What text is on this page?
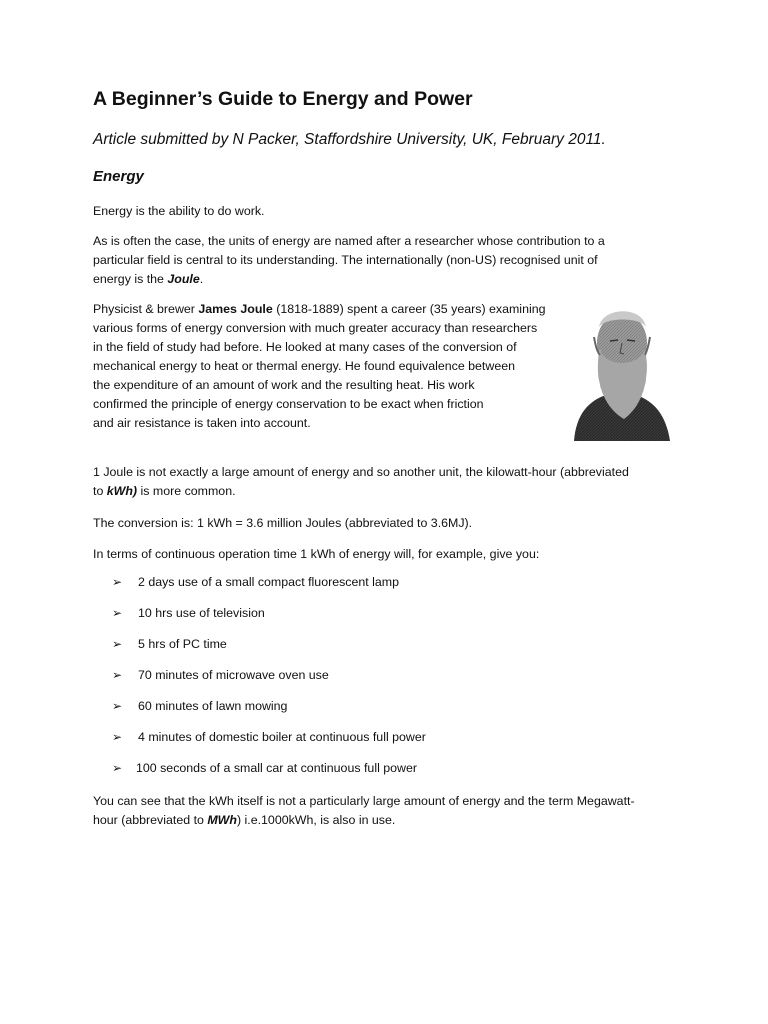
A Beginner’s Guide to Energy and Power

Article submitted by N Packer, Staffordshire University, UK, February 2011.

Energy

Energy is the ability to do work.

As is often the case, the units of energy are named after a researcher whose contribution to a
particular field is central to its understanding. The internationally (non-US) recognised unit of
energy is the Joule.

Physicist & brewer James Joule (1818-1889) spent a career (35 years) examining
various forms of energy conversion with much greater accuracy than researchers
in the field of study had before. He looked at many cases of the conversion of
mechanical energy to heat or thermal energy. He found equivalence between
the expenditure of an amount of work and the resulting heat. His work
confirmed the principle of energy conservation to be exact when friction
and air resistance is taken into account.

1 Joule is not exactly a large amount of energy and so another unit, the kilowatt-hour (abbreviated
to kWh) is more common.

The conversion is: 1 kWh = 3.6 million Joules (abbreviated to 3.6MJ).

In terms of continuous operation time 1 kWh of energy will, for example, give you:

➢ 2 days use of a small compact fluorescent lamp
➢ 10 hrs use of television
➢ 5 hrs of PC time
➢ 70 minutes of microwave oven use
➢ 60 minutes of lawn mowing
➢ 4 minutes of domestic boiler at continuous full power
➢ 100 seconds of a small car at continuous full power

You can see that the kWh itself is not a particularly large amount of energy and the term Megawatt-
hour (abbreviated to MWh) i.e.1000kWh, is also in use.
